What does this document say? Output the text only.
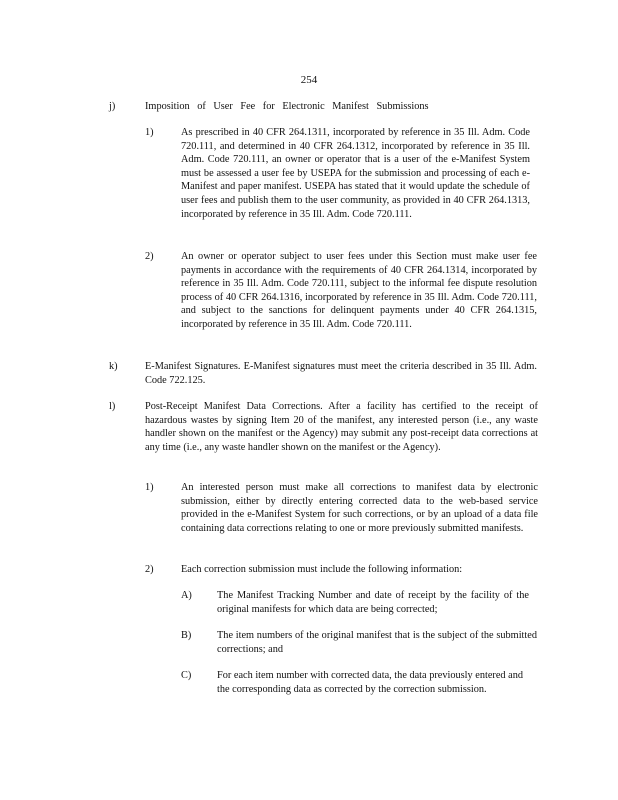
254
j)	Imposition of User Fee for Electronic Manifest Submissions
1)	As prescribed in 40 CFR 264.1311, incorporated by reference in 35 Ill. Adm. Code 720.111, and determined in 40 CFR 264.1312, incorporated by reference in 35 Ill. Adm. Code 720.111, an owner or operator that is a user of the e-Manifest System must be assessed a user fee by USEPA for the submission and processing of each e-Manifest and paper manifest. USEPA has stated that it would update the schedule of user fees and publish them to the user community, as provided in 40 CFR 264.1313, incorporated by reference in 35 Ill. Adm. Code 720.111.
2)	An owner or operator subject to user fees under this Section must make user fee payments in accordance with the requirements of 40 CFR 264.1314, incorporated by reference in 35 Ill. Adm. Code 720.111, subject to the informal fee dispute resolution process of 40 CFR 264.1316, incorporated by reference in 35 Ill. Adm. Code 720.111, and subject to the sanctions for delinquent payments under 40 CFR 264.1315, incorporated by reference in 35 Ill. Adm. Code 720.111.
k)	E-Manifest Signatures. E-Manifest signatures must meet the criteria described in 35 Ill. Adm. Code 722.125.
l)	Post-Receipt Manifest Data Corrections. After a facility has certified to the receipt of hazardous wastes by signing Item 20 of the manifest, any interested person (i.e., any waste handler shown on the manifest or the Agency) may submit any post-receipt data corrections at any time (i.e., any waste handler shown on the manifest or the Agency).
1)	An interested person must make all corrections to manifest data by electronic submission, either by directly entering corrected data to the web-based service provided in the e-Manifest System for such corrections, or by an upload of a data file containing data corrections relating to one or more previously submitted manifests.
2)	Each correction submission must include the following information:
A) The Manifest Tracking Number and date of receipt by the facility of the original manifests for which data are being corrected;
B) The item numbers of the original manifest that is the subject of the submitted corrections; and
C) For each item number with corrected data, the data previously entered and the corresponding data as corrected by the correction submission.
